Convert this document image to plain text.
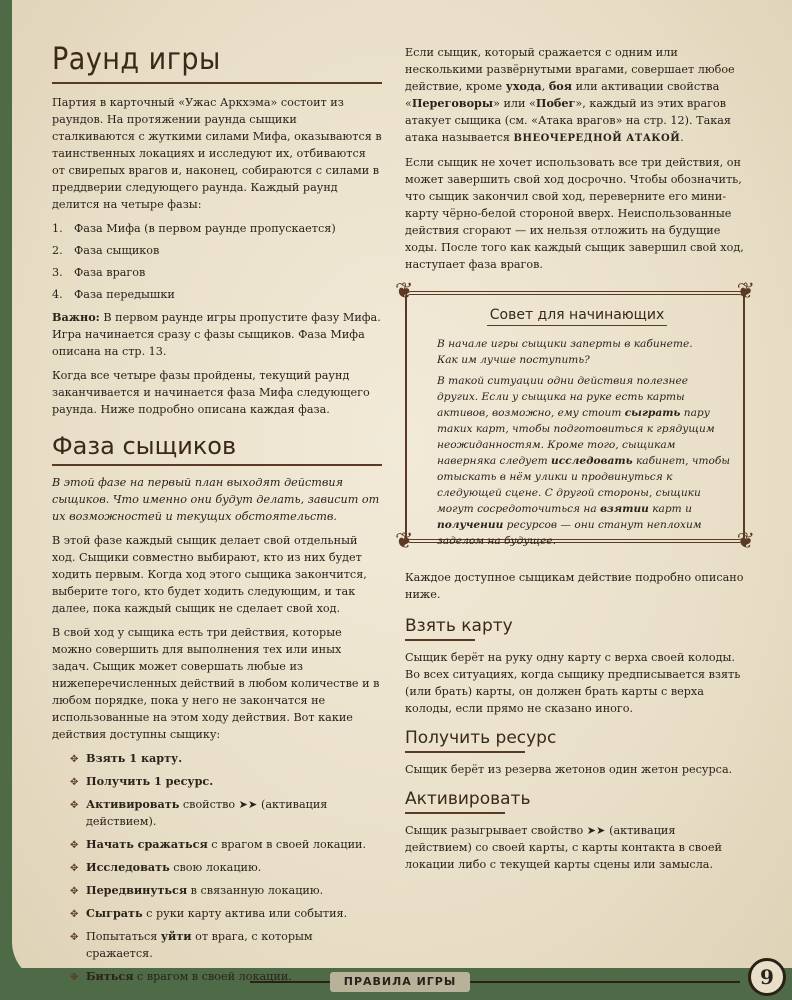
ПРАВИЛА ИГРЫ	9
Раунд игры

Партия в карточный «Ужас Аркхэма» состоит из раундов. На протяжении раунда сыщики сталкиваются с жуткими силами Мифа, оказываются в таинственных локациях и исследуют их, отбиваются от свирепых врагов и, наконец, собираются с силами в преддверии следующего раунда. Каждый раунд делится на четыре фазы:

1. Фаза Мифа (в первом раунде пропускается)
2. Фаза сыщиков
3. Фаза врагов
4. Фаза передышки

Важно: В первом раунде игры пропустите фазу Мифа. Игра начинается сразу с фазы сыщиков. Фаза Мифа описана на стр. 13.

Когда все четыре фазы пройдены, текущий раунд заканчивается и начинается фаза Мифа следующего раунда. Ниже подробно описана каждая фаза.

Фаза сыщиков

В этой фазе на первый план выходят действия сыщиков. Что именно они будут делать, зависит от их возможностей и текущих обстоятельств.

В этой фазе каждый сыщик делает свой отдельный ход. Сыщики совместно выбирают, кто из них будет ходить первым. Когда ход этого сыщика закончится, выберите того, кто будет ходить следующим, и так далее, пока каждый сыщик не сделает свой ход.

В свой ход у сыщика есть три действия, которые можно совершить для выполнения тех или иных задач. Сыщик может совершать любые из нижеперечисленных действий в любом количестве и в любом порядке, пока у него не закончатся не использованные на этом ходу действия. Вот какие действия доступны сыщику:

✥ Взять 1 карту.
✥ Получить 1 ресурс.
✥ Активировать свойство ➤➤ (активация действием).
✥ Начать сражаться с врагом в своей локации.
✥ Исследовать свою локацию.
✥ Передвинуться в связанную локацию.
✥ Сыграть с руки карту актива или события.
✥ Попытаться уйти от врага, с которым сражается.
✥ Биться с врагом в своей локации.

Если сыщик, который сражается с одним или несколькими развёрнутыми врагами, совершает любое действие, кроме ухода, боя или активации свойства «Переговоры» или «Побег», каждый из этих врагов атакует сыщика (см. «Атака врагов» на стр. 12). Такая атака называется ВНЕОЧЕРЕДНОЙ АТАКОЙ.

Если сыщик не хочет использовать все три действия, он может завершить свой ход досрочно. Чтобы обозначить, что сыщик закончил свой ход, переверните его мини-карту чёрно-белой стороной вверх. Неиспользованные действия сгорают — их нельзя отложить на будущие ходы. После того как каждый сыщик завершил свой ход, наступает фаза врагов.

❦	❦
❦	❦
Совет для начинающих

В начале игры сыщики заперты в кабинете.
Как им лучше поступить?

В такой ситуации одни действия полезнее других. Если у сыщика на руке есть карты активов, возможно, ему стоит сыграть пару таких карт, чтобы подготовиться к грядущим неожиданностям. Кроме того, сыщикам наверняка следует исследовать кабинет, чтобы отыскать в нём улики и продвинуться к следующей сцене. С другой стороны, сыщики могут сосредоточиться на взятии карт и получении ресурсов — они станут неплохим заделом на будущее.

Каждое доступное сыщикам действие подробно описано ниже.

Взять карту

Сыщик берёт на руку одну карту с верха своей колоды. Во всех ситуациях, когда сыщику предписывается взять (или брать) карты, он должен брать карты с верха колоды, если прямо не сказано иного.

Получить ресурс

Сыщик берёт из резерва жетонов один жетон ресурса.

Активировать

Сыщик разыгрывает свойство ➤➤ (активация действием) со своей карты, с карты контакта в своей локации либо с текущей карты сцены или замысла.
